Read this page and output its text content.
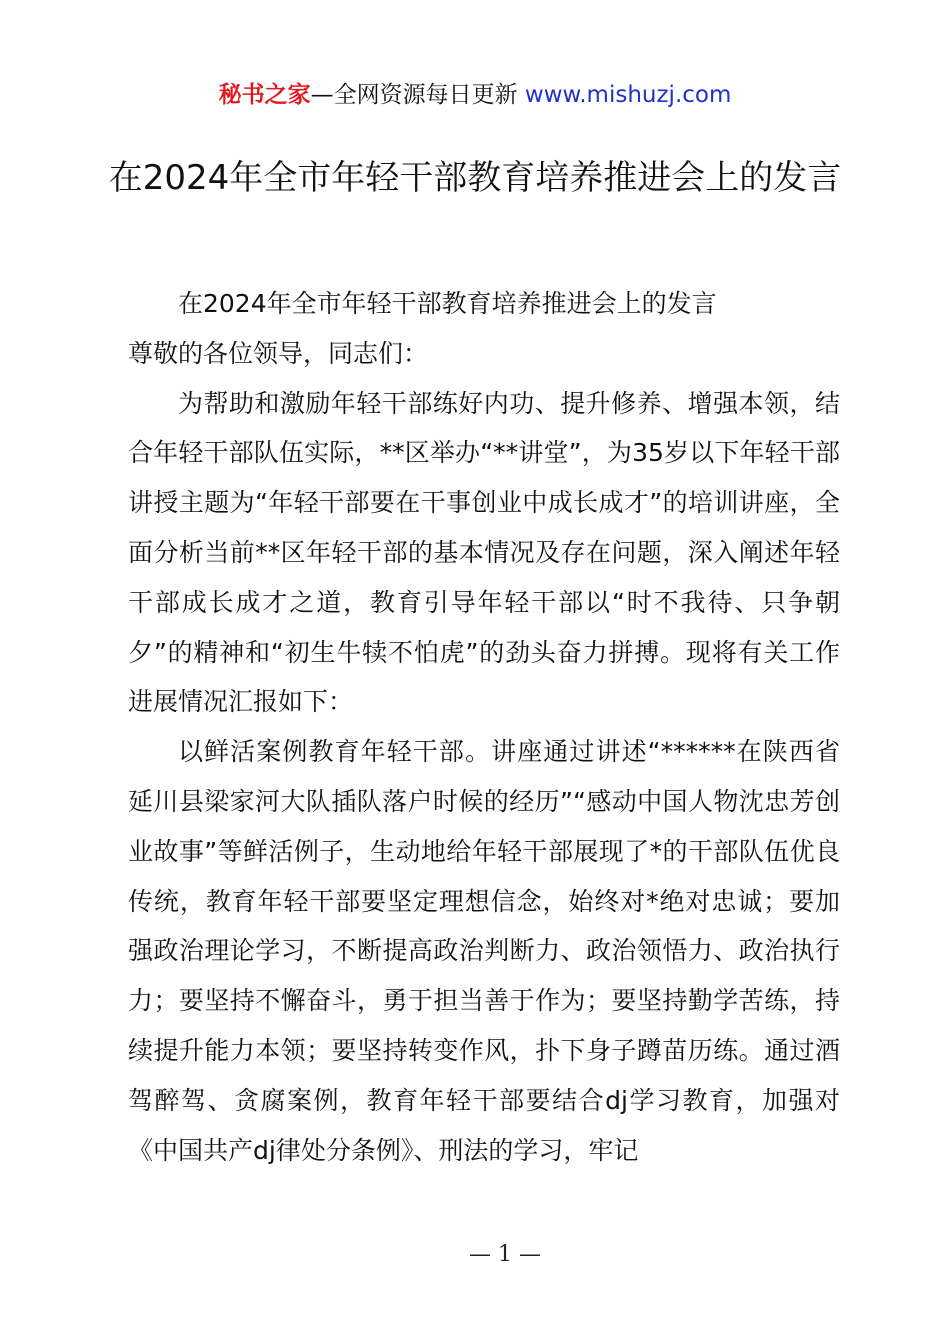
秘书之家—全网资源每日更新 www.mishuzj.com
在2024年全市年轻干部教育培养推进会上的发言

在2024年全市年轻干部教育培养推进会上的发言

尊敬的各位领导，同志们：

为帮助和激励年轻干部练好内功、提升修养、增强本领，结合年轻干部队伍实际，**区举办“**讲堂”，为35岁以下年轻干部讲授主题为“年轻干部要在干事创业中成长成才”的培训讲座，全面分析当前**区年轻干部的基本情况及存在问题，深入阐述年轻干部成长成才之道，教育引导年轻干部以“时不我待、只争朝夕”的精神和“初生牛犊不怕虎”的劲头奋力拼搏。现将有关工作进展情况汇报如下：

以鲜活案例教育年轻干部。讲座通过讲述“******在陕西省延川县梁家河大队插队落户时候的经历”“感动中国人物沈忠芳创业故事”等鲜活例子，生动地给年轻干部展现了*的干部队伍优良传统，教育年轻干部要坚定理想信念，始终对*绝对忠诚；要加强政治理论学习，不断提高政治判断力、政治领悟力、政治执行力；要坚持不懈奋斗，勇于担当善于作为；要坚持勤学苦练，持续提升能力本领；要坚持转变作风，扑下身子蹲苗历练。通过酒驾醉驾、贪腐案例，教育年轻干部要结合dj学习教育，加强对《中国共产dj律处分条例》、刑法的学习，牢记

— 1 —
